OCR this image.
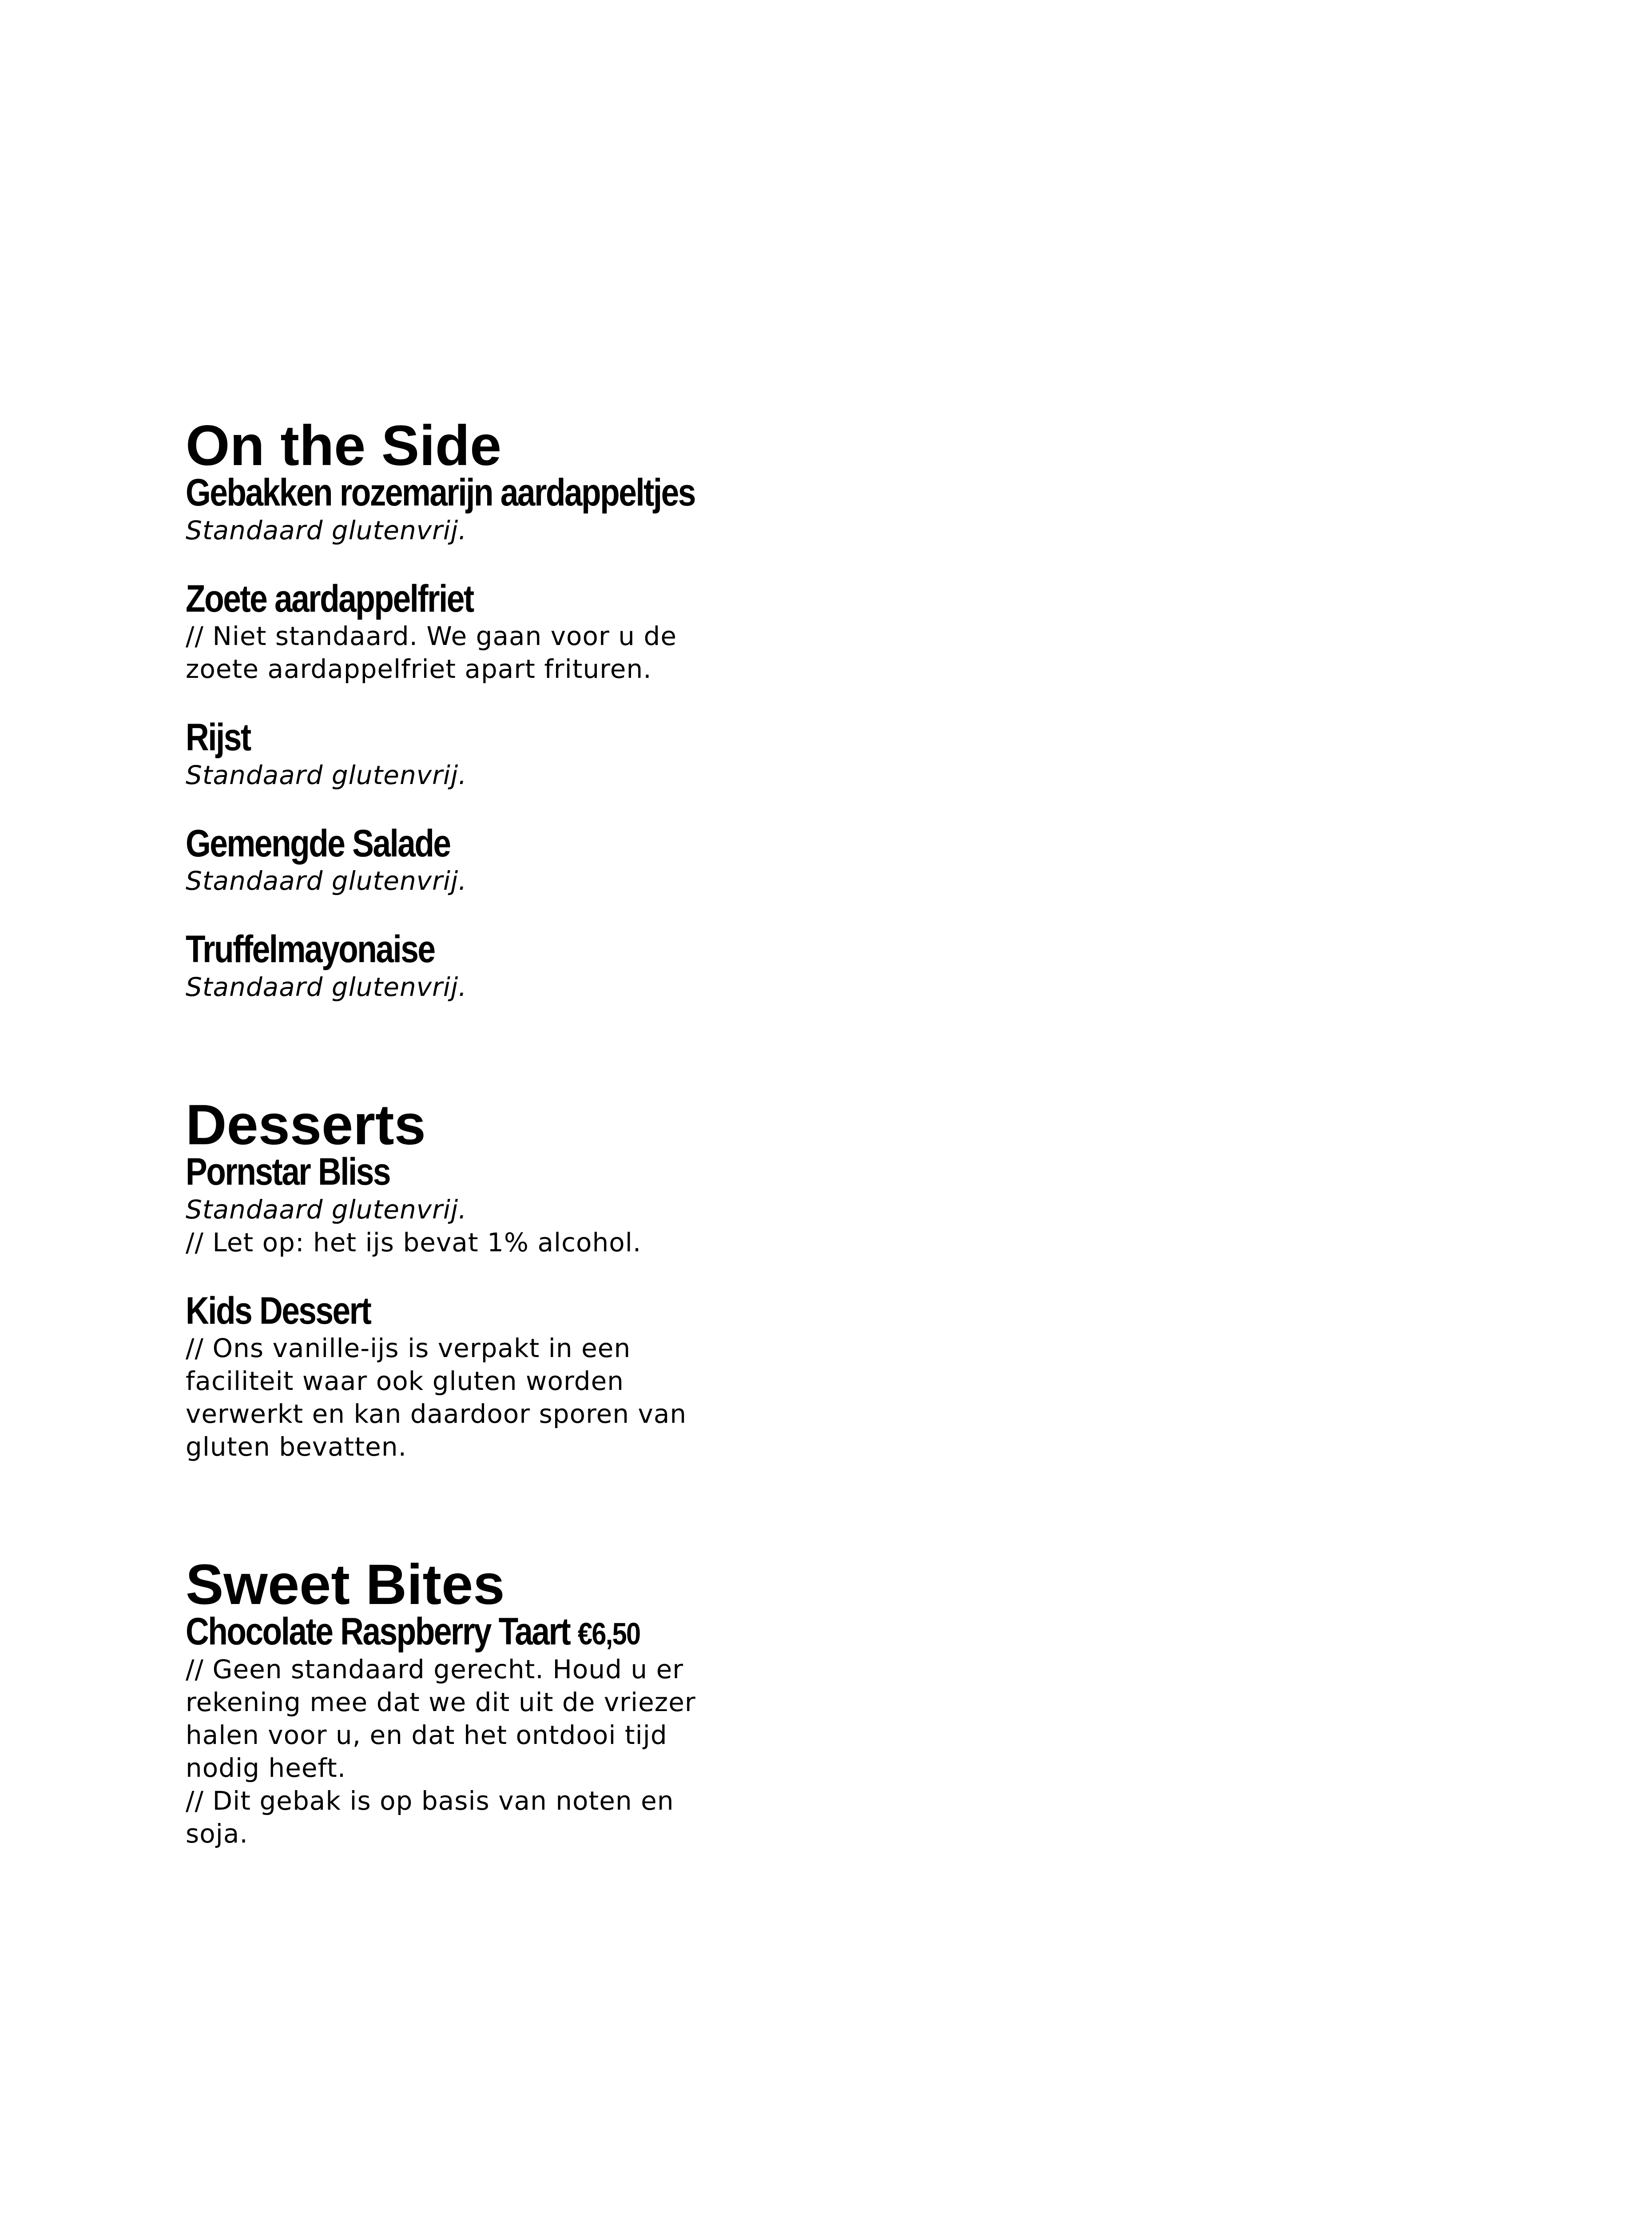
On the Side
Gebakken rozemarijn aardappeltjes

Standaard glutenvrij.

Zoete aardappelfriet

// Niet standaard. We gaan voor u de zoete aardappelfriet apart frituren.

Rijst

Standaard glutenvrij.

Gemengde Salade

Standaard glutenvrij.

Truffelmayonaise

Standaard glutenvrij.

Desserts
Pornstar Bliss

Standaard glutenvrij.

// Let op: het ijs bevat 1% alcohol.

Kids Dessert

// Ons vanille-ijs is verpakt in een faciliteit waar ook gluten worden verwerkt en kan daardoor sporen van gluten bevatten.

Sweet Bites
Chocolate Raspberry Taart €6,50

// Geen standaard gerecht. Houd u er rekening mee dat we dit uit de vriezer halen voor u, en dat het ontdooi tijd nodig heeft.

// Dit gebak is op basis van noten en soja.
